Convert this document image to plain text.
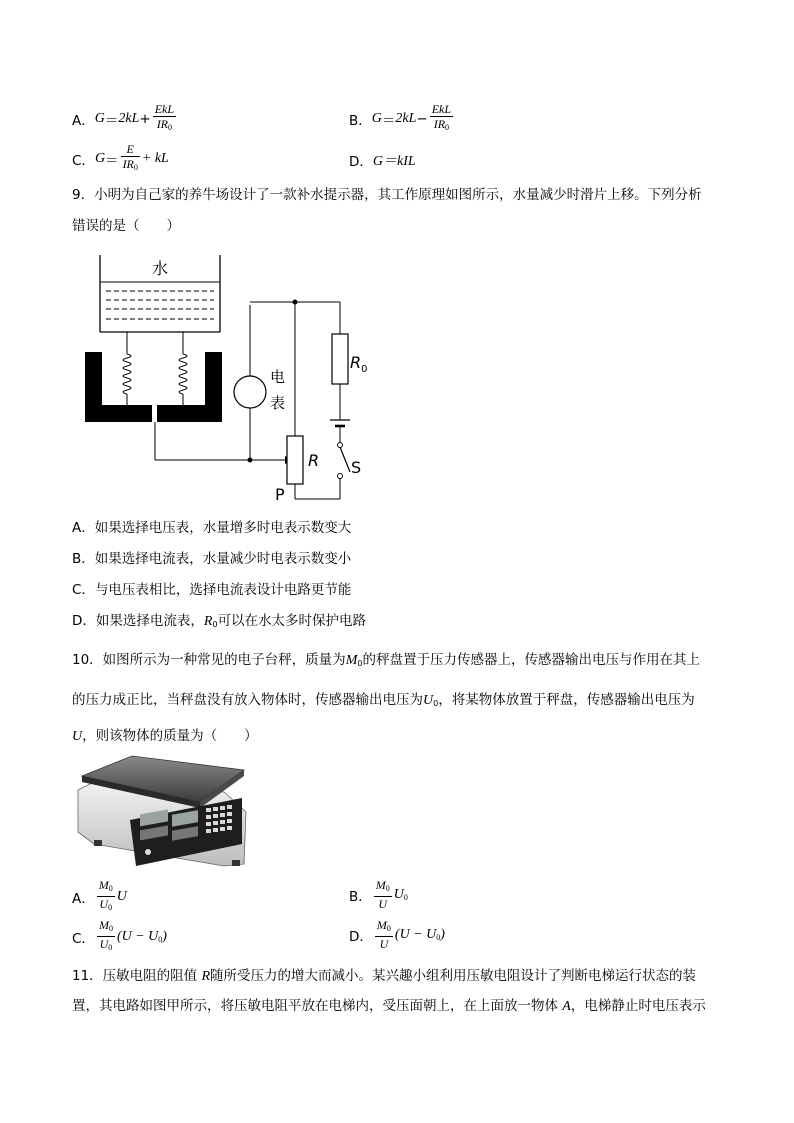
A． $G = 2kL + \frac{\text{EkL}}{IR_0}$	B． $G = 2kL - \frac{\text{EkL}}{IR_0}$
C． $G = \frac{E}{IR_0}$ + kL	D． G＝kIL
9．小明为自己家的养牛场设计了一款补水提示器，其工作原理如图所示，水量减少时滑片上移。下列分析
错误的是（　　）
水
电
表
R
P
$R_0$
S
A．如果选择电压表，水量增多时电表示数变大
B．如果选择电流表，水量减少时电表示数变小
C．与电压表相比，选择电流表设计电路更节能
D．如果选择电流表，$R_0$可以在水太多时保护电路
10．如图所示为一种常见的电子台秤，质量为$M_0$的秤盘置于压力传感器上，传感器输出电压与作用在其上
的压力成正比，当秤盘没有放入物体时，传感器输出电压为$U_0$，将某物体放置于秤盘，传感器输出电压为
U，则该物体的质量为（　　）
A． $\frac{M_0}{U_0}$ U	B． $\frac{M_0}{U} U_0$
C． $\frac{M_0}{U_0} (U - U_0)$	D． $\frac{M_0}{U} (U - U_0)$
11．压敏电阻的阻值 R随所受压力的增大而减小。某兴趣小组利用压敏电阻设计了判断电梯运行状态的装
置，其电路如图甲所示，将压敏电阻平放在电梯内，受压面朝上，在上面放一物体 A，电梯静止时电压表示
